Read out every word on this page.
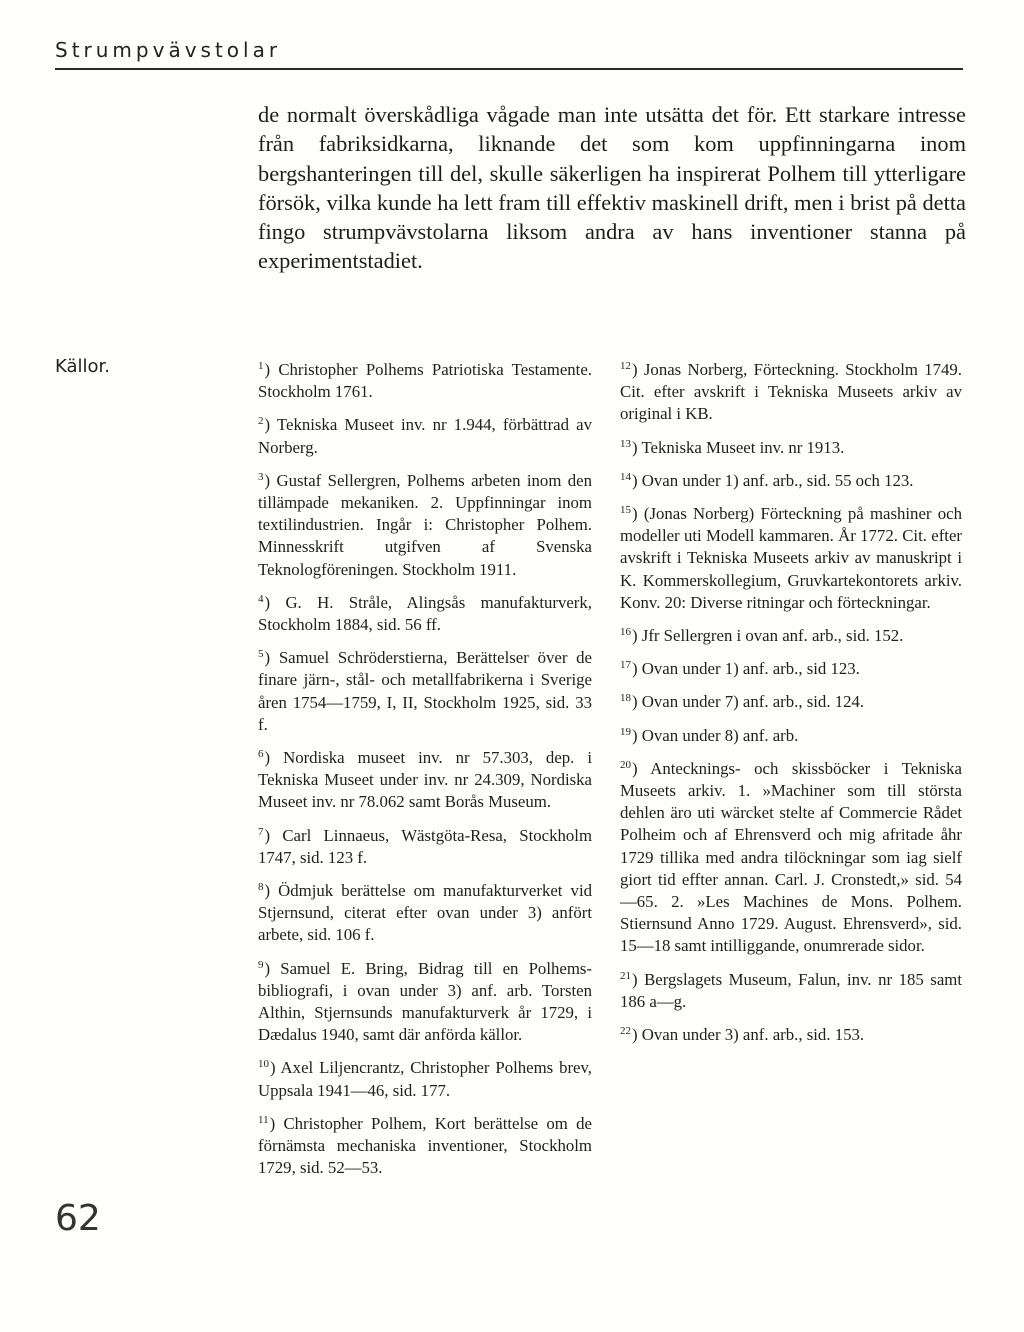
Strumpvävstolar

de normalt överskådliga vågade man inte utsätta det för. Ett starkare intresse från fabriksidkarna, liknande det som kom uppfinningarna inom bergshanteringen till del, skulle säkerligen ha inspirerat Polhem till ytterligare försök, vilka kunde ha lett fram till effektiv maskinell drift, men i brist på detta fingo strumpvävstolarna liksom andra av hans inventioner stanna på experimentstadiet.

Källor.	$^1$) Christopher Polhems Patriotiska Testamente. Stockholm 1761.

$^2$) Tekniska Museet inv. nr 1.944, förbättrad av Norberg.

$^3$) Gustaf Sellergren, Polhems arbeten inom den tillämpade mekaniken. 2. Uppfinningar inom textilindustrien. Ingår i: Christopher Polhem. Minnesskrift utgifven af Svenska Teknologföreningen. Stockholm 1911.

$^4$) G. H. Stråle, Alingsås manufakturverk, Stockholm 1884, sid. 56 ff.

$^5$) Samuel Schröderstierna, Berättelser över de finare järn-, stål- och metallfabrikerna i Sverige åren 1754—1759, I, II, Stockholm 1925, sid. 33 f.

$^6$) Nordiska museet inv. nr 57.303, dep. i Tekniska Museet under inv. nr 24.309, Nordiska Museet inv. nr 78.062 samt Borås Museum.

$^7$) Carl Linnaeus, Wästgöta-Resa, Stockholm 1747, sid. 123 f.

$^8$) Ödmjuk berättelse om manufakturverket vid Stjernsund, citerat efter ovan under 3) anfört arbete, sid. 106 f.

$^9$) Samuel E. Bring, Bidrag till en Polhems-bibliografi, i ovan under 3) anf. arb. Torsten Althin, Stjernsunds manufakturverk år 1729, i Dædalus 1940, samt där anförda källor.

$^{10}$) Axel Liljencrantz, Christopher Polhems brev, Uppsala 1941—46, sid. 177.

$^{11}$) Christopher Polhem, Kort berättelse om de förnämsta mechaniska inventioner, Stockholm 1729, sid. 52—53.

$^{12}$) Jonas Norberg, Förteckning. Stockholm 1749. Cit. efter avskrift i Tekniska Museets arkiv av original i KB.

$^{13}$) Tekniska Museet inv. nr 1913.

$^{14}$) Ovan under 1) anf. arb., sid. 55 och 123.

$^{15}$) (Jonas Norberg) Förteckning på mashiner och modeller uti Modell kammaren. År 1772. Cit. efter avskrift i Tekniska Museets arkiv av manuskript i K. Kommerskollegium, Gruvkartekontorets arkiv. Konv. 20: Diverse ritningar och förteckningar.

$^{16}$) Jfr Sellergren i ovan anf. arb., sid. 152.

$^{17}$) Ovan under 1) anf. arb., sid 123.

$^{18}$) Ovan under 7) anf. arb., sid. 124.

$^{19}$) Ovan under 8) anf. arb.

$^{20}$) Antecknings- och skissböcker i Tekniska Museets arkiv. 1. »Machiner som till största dehlen äro uti wärcket stelte af Commercie Rådet Polheim och af Ehrensverd och mig afritade åhr 1729 tillika med andra tilöckningar som iag sielf giort tid effter annan. Carl. J. Cronstedt,» sid. 54—65. 2. »Les Machines de Mons. Polhem. Stiernsund Anno 1729. August. Ehrensverd», sid. 15—18 samt intilliggande, onumrerade sidor.

$^{21}$) Bergslagets Museum, Falun, inv. nr 185 samt 186 a—g.

$^{22}$) Ovan under 3) anf. arb., sid. 153.

62
